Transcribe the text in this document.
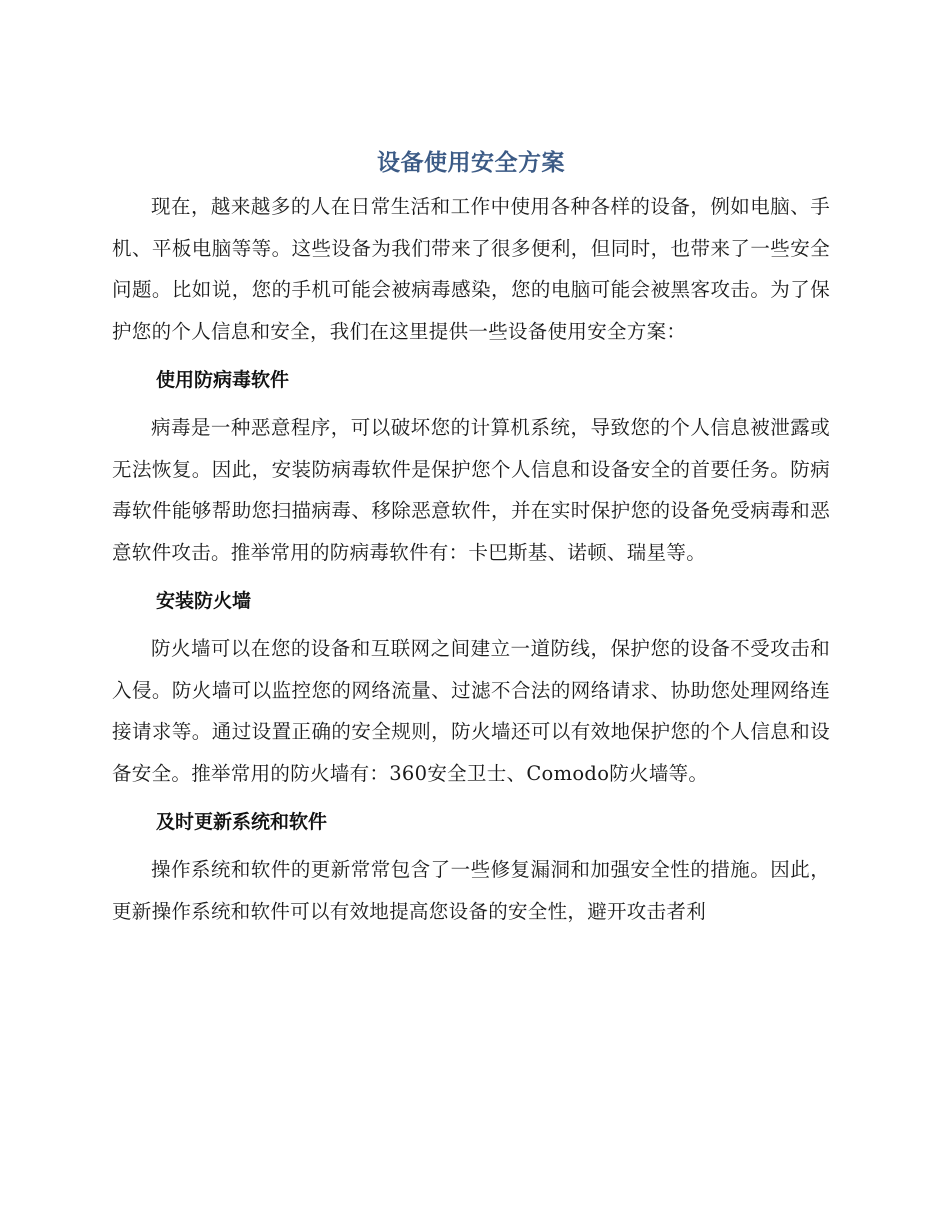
设备使用安全方案

现在，越来越多的人在日常生活和工作中使用各种各样的设备，例如电脑、手机、平板电脑等等。这些设备为我们带来了很多便利，但同时，也带来了一些安全问题。比如说，您的手机可能会被病毒感染，您的电脑可能会被黑客攻击。为了保护您的个人信息和安全，我们在这里提供一些设备使用安全方案：

使用防病毒软件

病毒是一种恶意程序，可以破坏您的计算机系统，导致您的个人信息被泄露或无法恢复。因此，安装防病毒软件是保护您个人信息和设备安全的首要任务。防病毒软件能够帮助您扫描病毒、移除恶意软件，并在实时保护您的设备免受病毒和恶意软件攻击。推举常用的防病毒软件有：卡巴斯基、诺顿、瑞星等。

安装防火墙

防火墙可以在您的设备和互联网之间建立一道防线，保护您的设备不受攻击和入侵。防火墙可以监控您的网络流量、过滤不合法的网络请求、协助您处理网络连接请求等。通过设置正确的安全规则，防火墙还可以有效地保护您的个人信息和设备安全。推举常用的防火墙有：360安全卫士、Comodo防火墙等。

及时更新系统和软件

操作系统和软件的更新常常包含了一些修复漏洞和加强安全性的措施。因此，更新操作系统和软件可以有效地提高您设备的安全性，避开攻击者利
